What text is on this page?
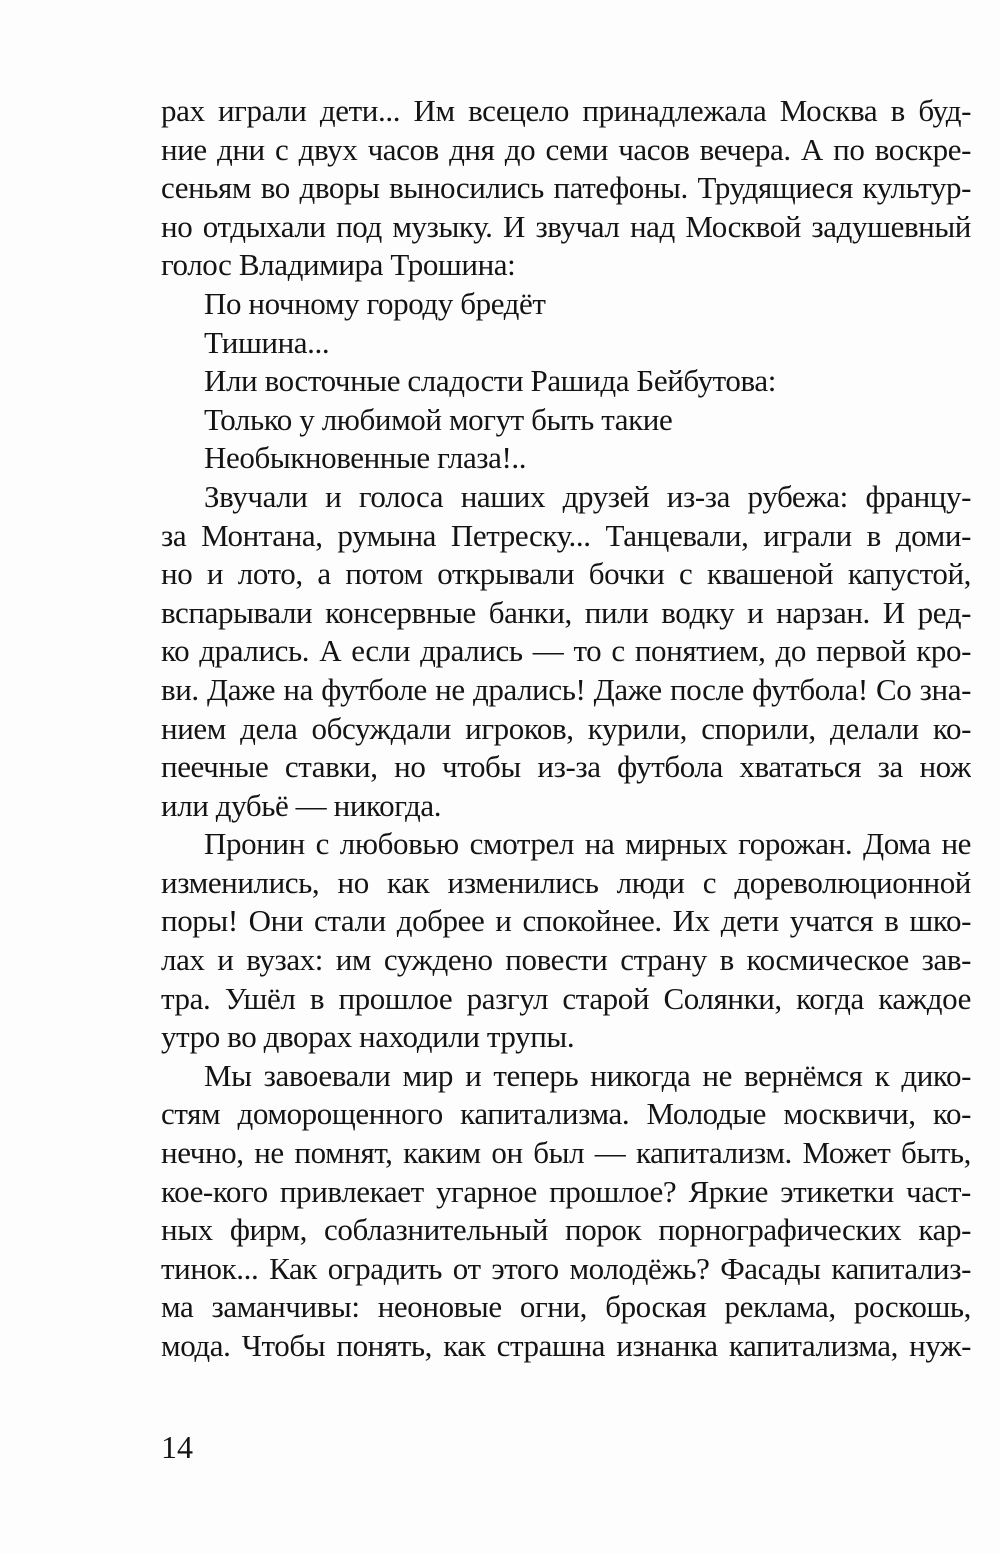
рах играли дети... Им всецело принадлежала Москва в буд-
ние дни с двух часов дня до семи часов вечера. А по воскре-
сеньям во дворы выносились патефоны. Трудящиеся культур-
но отдыхали под музыку. И звучал над Москвой задушевный
голос Владимира Трошина:
По ночному городу бредёт
Тишина...
Или восточные сладости Рашида Бейбутова:
Только у любимой могут быть такие
Необыкновенные глаза!..
Звучали и голоса наших друзей из-за рубежа: францу-
за Монтана, румына Петреску... Танцевали, играли в доми-
но и лото, а потом открывали бочки с квашеной капустой,
вспарывали консервные банки, пили водку и нарзан. И ред-
ко дрались. А если дрались — то с понятием, до первой кро-
ви. Даже на футболе не дрались! Даже после футбола! Со зна-
нием дела обсуждали игроков, курили, спорили, делали ко-
пеечные ставки, но чтобы из-за футбола хвататься за нож
или дубьё — никогда.
Пронин с любовью смотрел на мирных горожан. Дома не
изменились, но как изменились люди с дореволюционной
поры! Они стали добрее и спокойнее. Их дети учатся в шко-
лах и вузах: им суждено повести страну в космическое зав-
тра. Ушёл в прошлое разгул старой Солянки, когда каждое
утро во дворах находили трупы.
Мы завоевали мир и теперь никогда не вернёмся к дико-
стям доморощенного капитализма. Молодые москвичи, ко-
нечно, не помнят, каким он был — капитализм. Может быть,
кое-кого привлекает угарное прошлое? Яркие этикетки част-
ных фирм, соблазнительный порок порнографических кар-
тинок... Как оградить от этого молодёжь? Фасады капитализ-
ма заманчивы: неоновые огни, броская реклама, роскошь,
мода. Чтобы понять, как страшна изнанка капитализма, нуж-
14
